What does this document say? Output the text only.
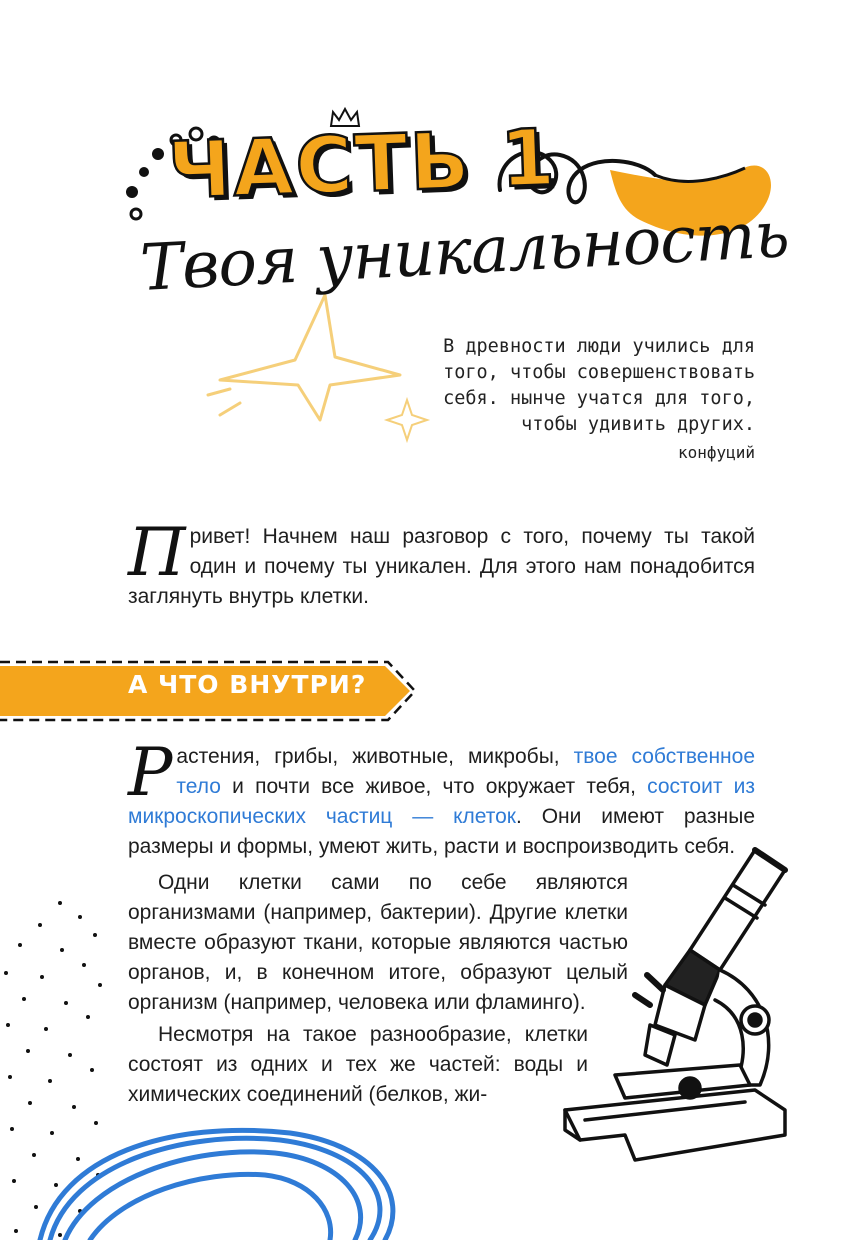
ЧАСТЬ 1
Твоя уникальность
В древности люди учились для того, чтобы совершенствовать себя. нынче учатся для того, чтобы удивить других.
конфуций
П ривет! Начнем наш разговор с того, почему ты такой один и почему ты уникален. Для этого нам понадобится заглянуть внутрь клетки.
А ЧТО ВНУТРИ?
Р астения, грибы, животные, микробы, твое собственное тело и почти все живое, что окружает тебя, состоит из микроскопических частиц — клеток. Они имеют разные размеры и формы, умеют жить, расти и воспроизводить себя.
Одни клетки сами по себе являются организмами (например, бактерии). Другие клетки вместе образуют ткани, которые являются частью органов, и, в конечном итоге, образуют целый организм (например, человека или фламинго).
Несмотря на такое разнообразие, клетки состоят из одних и тех же частей: воды и химических соединений (белков, жи-
